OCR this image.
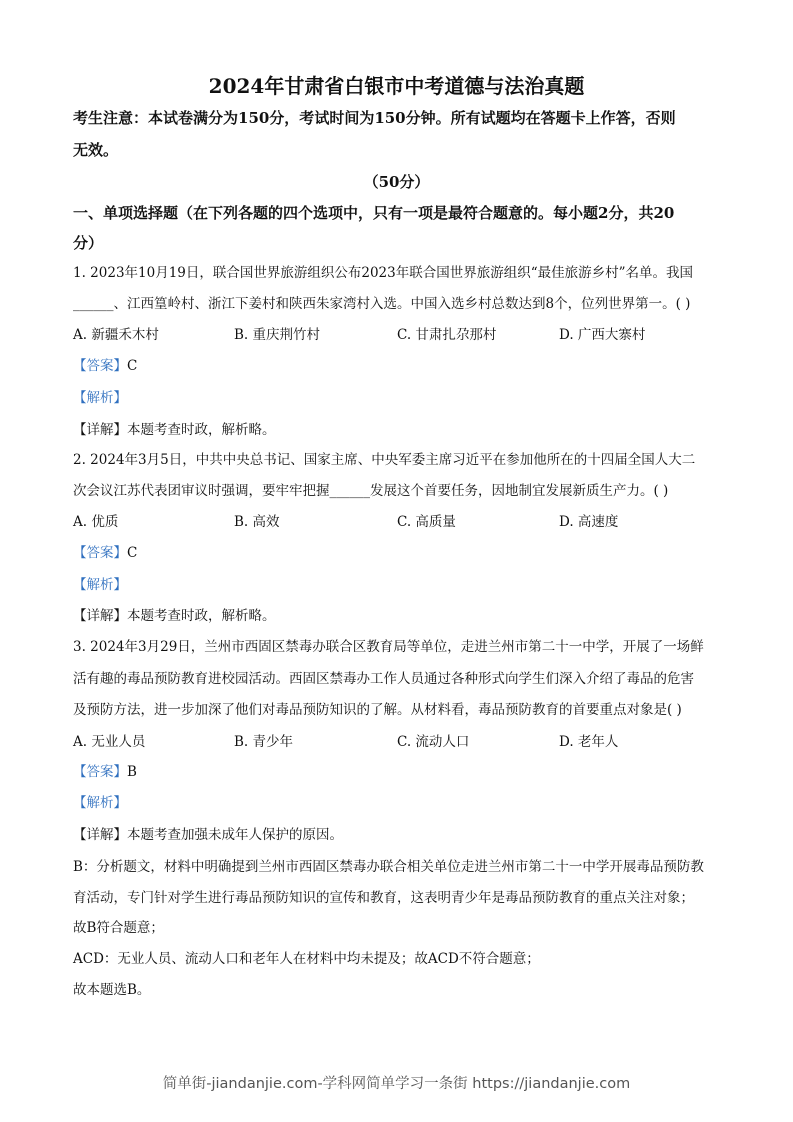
2024年甘肃省白银市中考道德与法治真题
考生注意：本试卷满分为150分，考试时间为150分钟。所有试题均在答题卡上作答，否则
无效。
（50分）
一、单项选择题（在下列各题的四个选项中，只有一项是最符合题意的。每小题2分，共20
分）
1. 2023年10月19日，联合国世界旅游组织公布2023年联合国世界旅游组织“最佳旅游乡村”名单。我国
______、江西篁岭村、浙江下姜村和陕西朱家湾村入选。中国入选乡村总数达到8个，位列世界第一。( )
A. 新疆禾木村	B. 重庆荆竹村	C. 甘肃扎尕那村	D. 广西大寨村
【答案】C
【解析】
【详解】本题考查时政，解析略。
2. 2024年3月5日，中共中央总书记、国家主席、中央军委主席习近平在参加他所在的十四届全国人大二
次会议江苏代表团审议时强调，要牢牢把握______发展这个首要任务，因地制宜发展新质生产力。( )
A. 优质	B. 高效	C. 高质量	D. 高速度
【答案】C
【解析】
【详解】本题考查时政，解析略。
3. 2024年3月29日，兰州市西固区禁毒办联合区教育局等单位，走进兰州市第二十一中学，开展了一场鲜
活有趣的毒品预防教育进校园活动。西固区禁毒办工作人员通过各种形式向学生们深入介绍了毒品的危害
及预防方法，进一步加深了他们对毒品预防知识的了解。从材料看，毒品预防教育的首要重点对象是( )
A. 无业人员	B. 青少年	C. 流动人口	D. 老年人
【答案】B
【解析】
【详解】本题考查加强未成年人保护的原因。
B：分析题文，材料中明确提到兰州市西固区禁毒办联合相关单位走进兰州市第二十一中学开展毒品预防教
育活动，专门针对学生进行毒品预防知识的宣传和教育，这表明青少年是毒品预防教育的重点关注对象；
故B符合题意；
ACD：无业人员、流动人口和老年人在材料中均未提及；故ACD不符合题意；
故本题选B。
简单街-jiandanjie.com-学科网简单学习一条街 https://jiandanjie.com
